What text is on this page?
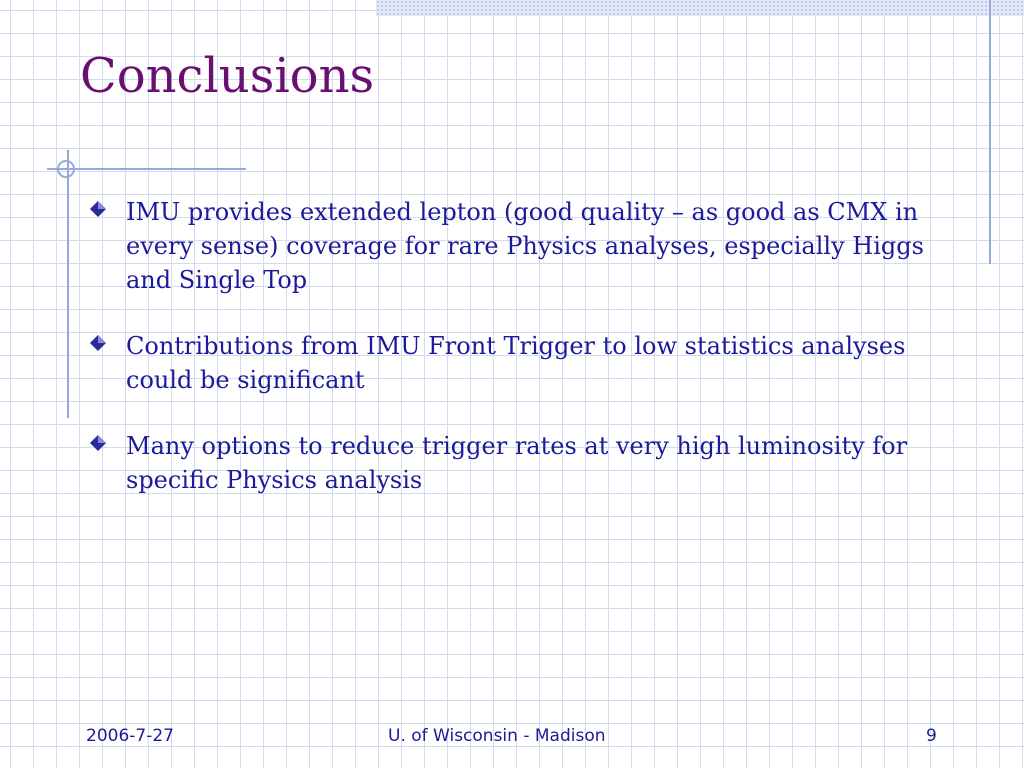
Conclusions
IMU provides extended lepton (good quality – as good as CMX in every sense) coverage for rare Physics analyses, especially Higgs and Single Top
Contributions from IMU Front Trigger to low statistics analyses could be significant
Many options to reduce trigger rates at very high luminosity for specific Physics analysis
2006-7-27	U. of Wisconsin - Madison	9
